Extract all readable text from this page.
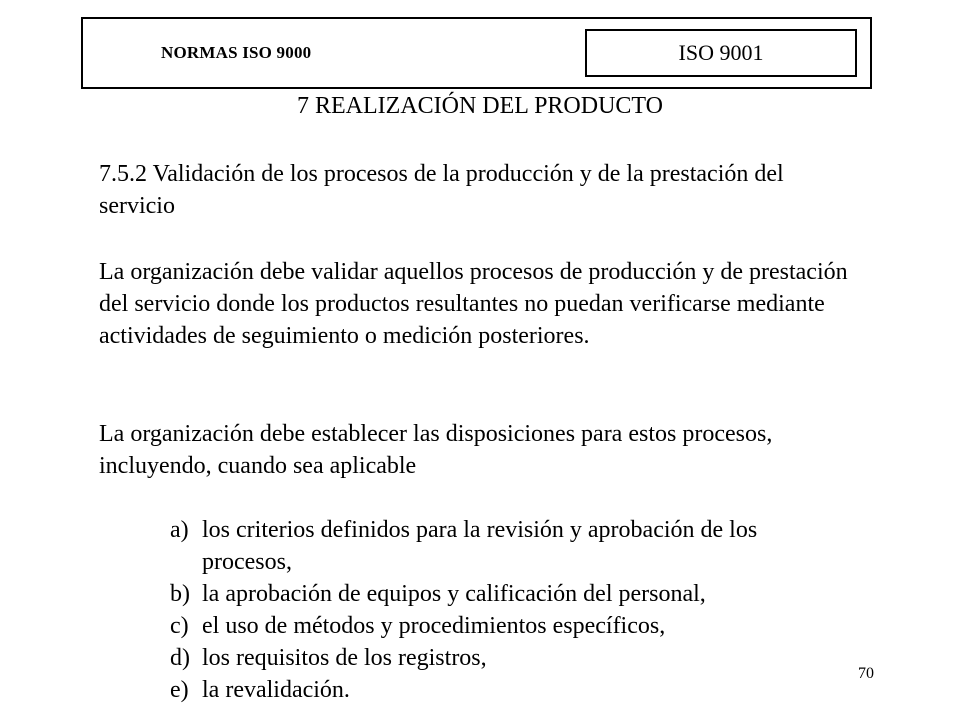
NORMAS ISO 9000	ISO 9001
7 REALIZACIÓN DEL PRODUCTO
7.5.2 Validación de los procesos de la producción y de la prestación del servicio
La organización debe validar aquellos procesos de producción y de prestación del servicio donde los productos resultantes no puedan verificarse mediante actividades de seguimiento o medición posteriores.
La organización debe establecer las disposiciones para estos procesos, incluyendo, cuando sea aplicable
a) los criterios definidos para la revisión y aprobación de los procesos,
b) la aprobación de equipos y calificación del personal,
c) el uso de métodos y procedimientos específicos,
d) los requisitos de los registros,
e) la revalidación.
70
